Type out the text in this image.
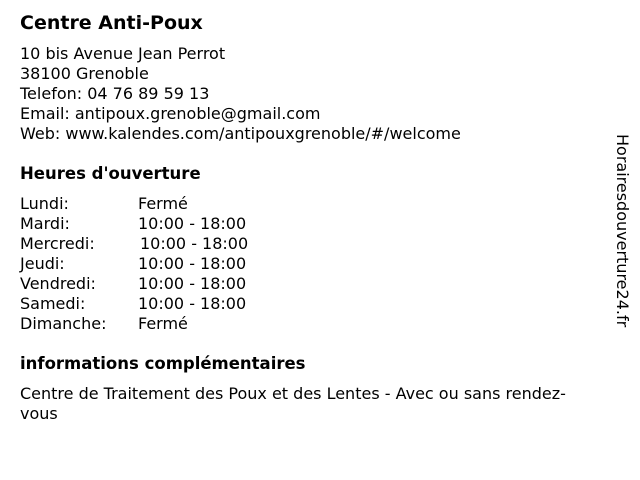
Centre Anti-Poux
10 bis Avenue Jean Perrot
38100 Grenoble
Telefon: 04 76 89 59 13
Email: antipoux.grenoble@gmail.com
Web: www.kalendes.com/antipouxgrenoble/#/welcome
Heures d'ouverture
Lundi:	Fermé
Mardi:	10:00 - 18:00
Mercredi:	10:00 - 18:00
Jeudi:	10:00 - 18:00
Vendredi:	10:00 - 18:00
Samedi:	10:00 - 18:00
Dimanche: Fermé
informations complémentaires
Centre de Traitement des Poux et des Lentes - Avec ou sans rendez-
vous
Horairesdouverture24.fr
